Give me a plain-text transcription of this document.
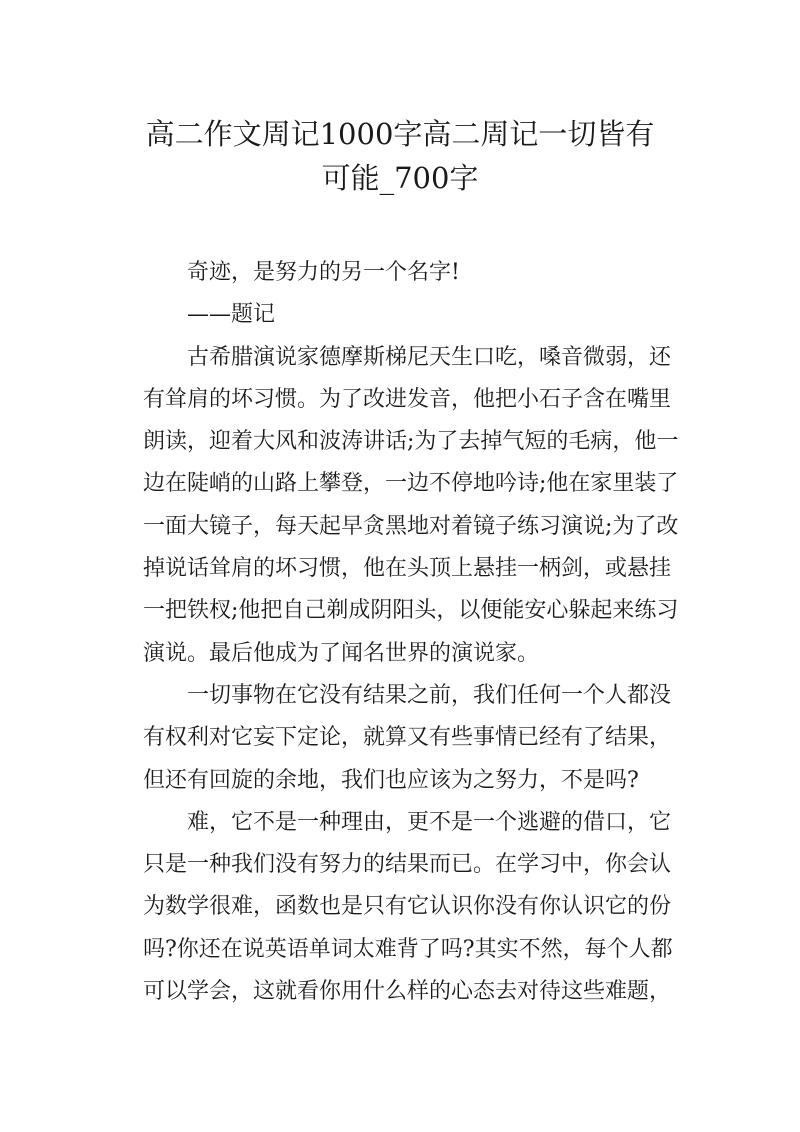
高二作文周记1000字高二周记一切皆有
可能_700字
奇迹，是努力的另一个名字!
——题记
古希腊演说家德摩斯梯尼天生口吃，嗓音微弱，还
有耸肩的坏习惯。为了改进发音，他把小石子含在嘴里
朗读，迎着大风和波涛讲话;为了去掉气短的毛病，他一
边在陡峭的山路上攀登，一边不停地吟诗;他在家里装了
一面大镜子，每天起早贪黑地对着镜子练习演说;为了改
掉说话耸肩的坏习惯，他在头顶上悬挂一柄剑，或悬挂
一把铁杈;他把自己剃成阴阳头，以便能安心躲起来练习
演说。最后他成为了闻名世界的演说家。
一切事物在它没有结果之前，我们任何一个人都没
有权利对它妄下定论，就算又有些事情已经有了结果，
但还有回旋的余地，我们也应该为之努力，不是吗?
难，它不是一种理由，更不是一个逃避的借口，它
只是一种我们没有努力的结果而已。在学习中，你会认
为数学很难，函数也是只有它认识你没有你认识它的份
吗?你还在说英语单词太难背了吗?其实不然，每个人都
可以学会，这就看你用什么样的心态去对待这些难题，
